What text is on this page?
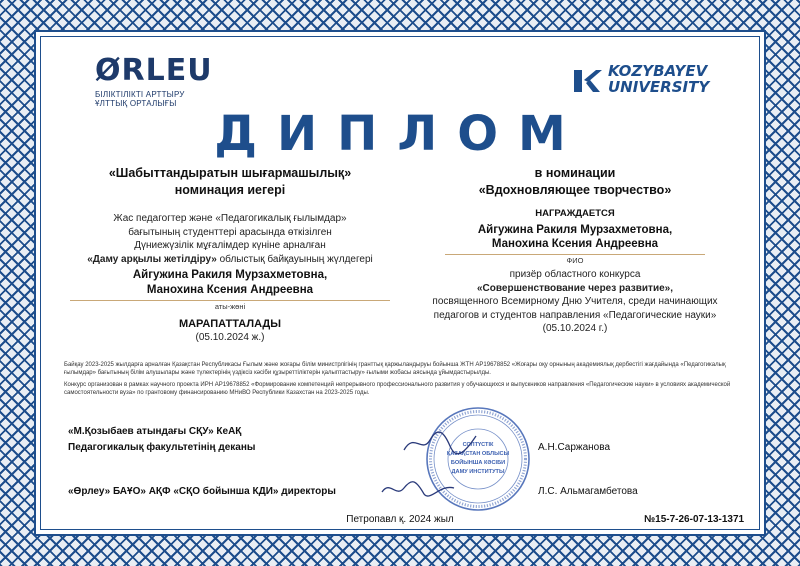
ØRLEU
БІЛІКТІЛІКТІ АРТТЫРУ
ҰЛТТЫҚ ОРТАЛЫҒЫ
KOZYBAYEV
UNIVERSITY
ДИПЛОМ
«Шабыттандыратын шығармашылық»
номинация иегері
Жас педагогтер және «Педагогикалық ғылымдар»
бағытының студенттері арасында өткізілген
Дүниежүзілік мұғалімдер күніне арналған
«Даму арқылы жетілдіру» облыстық байқауының жүлдегері
Айгужина Ракиля Мурзахметовна,
Манохина Ксения Андреевна
аты-жөні
МАРАПАТТАЛАДЫ
(05.10.2024 ж.)
в номинации
«Вдохновляющее творчество»
НАГРАЖДАЕТСЯ
Айгужина Ракиля Мурзахметовна,
Манохина Ксения Андреевна
ФИО
призёр областного конкурса
«Совершенствование через развитие»,
посвященного Всемирному Дню Учителя, среди начинающих
педагогов и студентов направления «Педагогические науки»
(05.10.2024 г.)
Байқау 2023-2025 жылдарға арналған Қазақстан Республикасы Ғылым және жоғары білім министрлігінің гранттық қаржыландыруы бойынша ЖТН AP19678852 «Жоғары оқу орнының академиялық дербестігі жағдайында «Педагогикалық ғылымдар» бағытының білім алушылары және түлектерінің үздіксіз кәсіби құзыреттіліктерін қалыптастыру» ғылыми жобасы аясында ұйымдастырылды.
Конкурс организован в рамках научного проекта ИРН AP19678852 «Формирование компетенций непрерывного профессионального развития у обучающихся и выпускников направления «Педагогические науки» в условиях академической самостоятельности вуза» по грантовому финансированию МНиВО Республики Казахстан на 2023-2025 годы.
СОЛТҮСТІК
ҚАЗАҚСТАН ОБЛЫСЫ
БОЙЫНША КӘСІБИ
ДАМУ ИНСТИТУТЫ
«М.Қозыбаев атындағы СҚУ» КеАҚ
Педагогикалық факультетінің деканы	А.Н.Саржанова
«Өрлеу» БАҰО» АҚФ «СҚО бойынша КДИ» директоры	Л.С. Альмагамбетова
Петропавл қ. 2024 жыл	№15-7-26-07-13-1371
